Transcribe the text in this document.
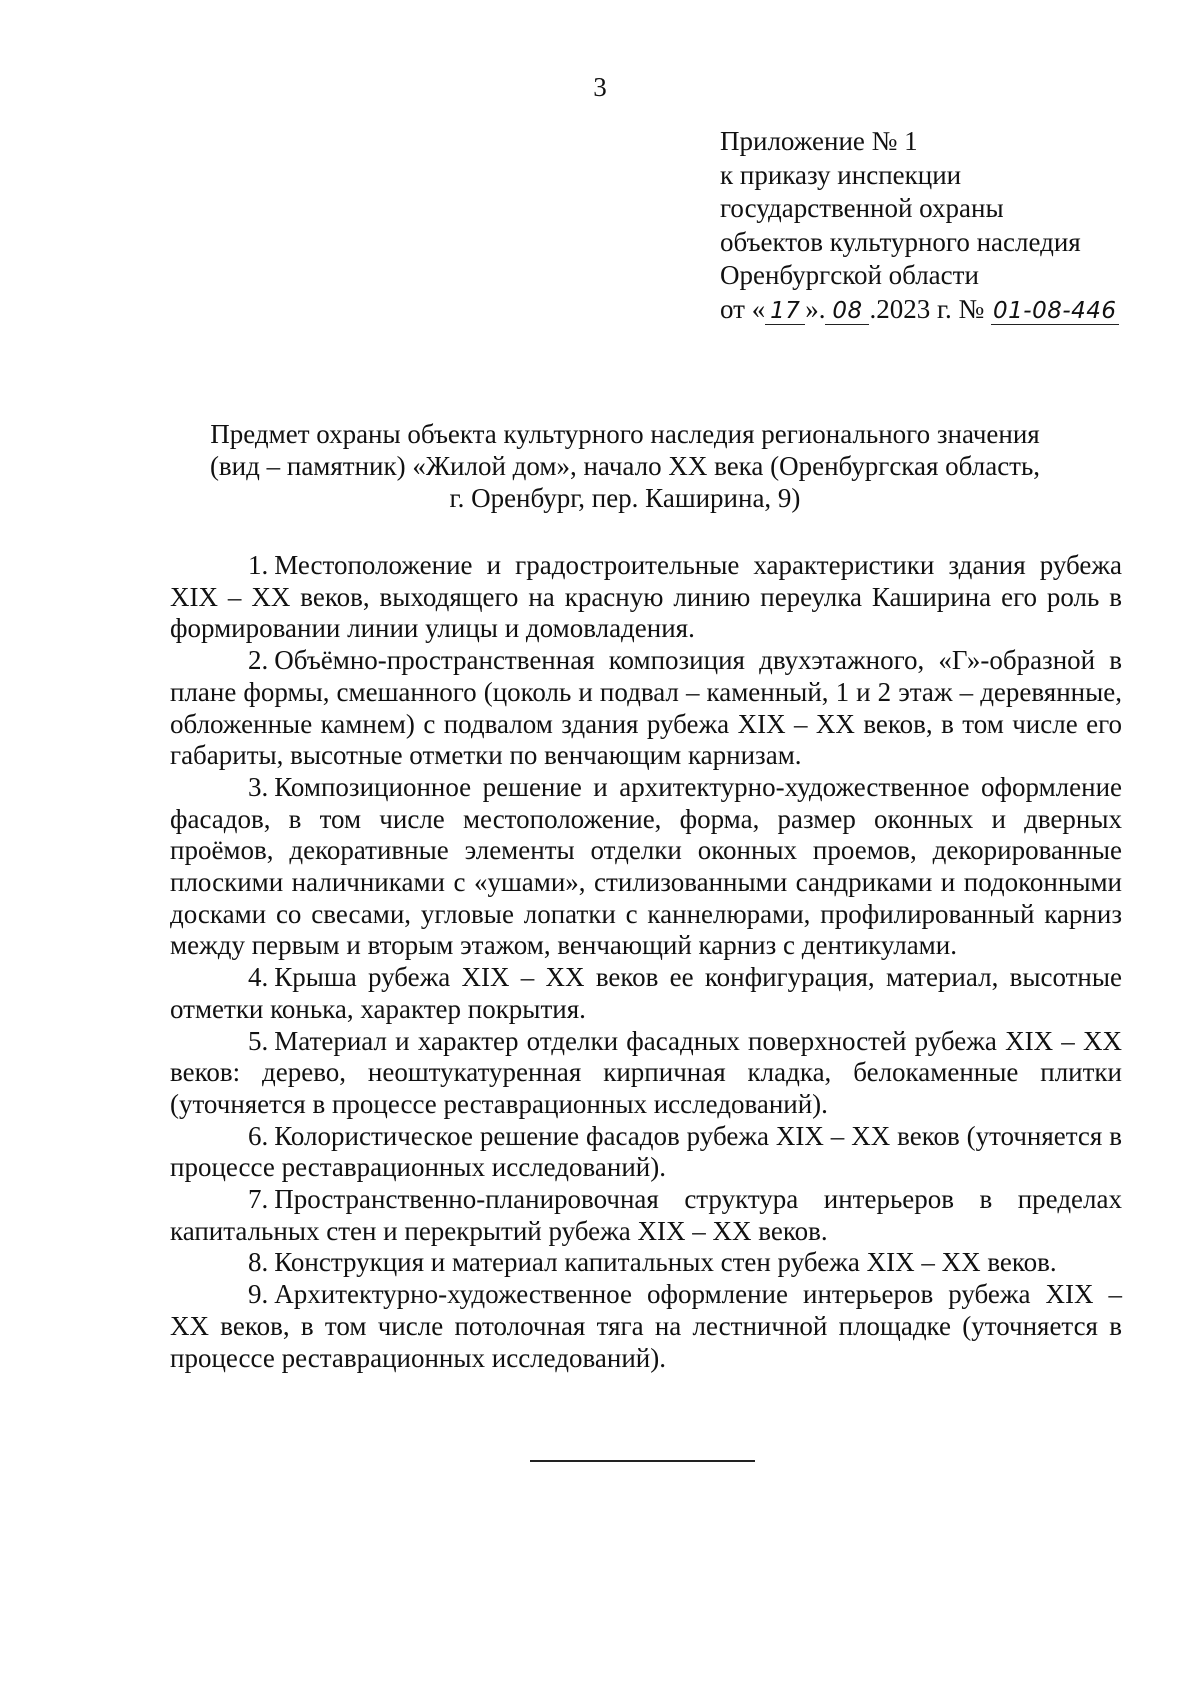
3
Приложение № 1
к приказу инспекции
государственной охраны
объектов культурного наследия
Оренбургской области
от « 17 ». 08 .2023 г. № 01-08-446
Предмет охраны объекта культурного наследия регионального значения
(вид – памятник) «Жилой дом», начало XX века (Оренбургская область,
г. Оренбург, пер. Каширина, 9)

1. Местоположение и градостроительные характеристики здания рубежа XIX – XX веков, выходящего на красную линию переулка Каширина его роль в формировании линии улицы и домовладения.

2. Объёмно-пространственная композиция двухэтажного, «Г»-образной в плане формы, смешанного (цоколь и подвал – каменный, 1 и 2 этаж – деревянные, обложенные камнем) с подвалом здания рубежа XIX – XX веков, в том числе его габариты, высотные отметки по венчающим карнизам.

3. Композиционное решение и архитектурно-художественное оформление фасадов, в том числе местоположение, форма, размер оконных и дверных проёмов, декоративные элементы отделки оконных проемов, декорированные плоскими наличниками с «ушами», стилизованными сандриками и подоконными досками со свесами, угловые лопатки с каннелюрами, профилированный карниз между первым и вторым этажом, венчающий карниз с дентикулами.

4. Крыша рубежа XIX – XX веков ее конфигурация, материал, высотные отметки конька, характер покрытия.

5. Материал и характер отделки фасадных поверхностей рубежа XIX – XX веков: дерево, неоштукатуренная кирпичная кладка, белокаменные плитки (уточняется в процессе реставрационных исследований).

6. Колористическое решение фасадов рубежа XIX – XX веков (уточняется в процессе реставрационных исследований).

7. Пространственно-планировочная структура интерьеров в пределах капитальных стен и перекрытий рубежа XIX – XX веков.

8. Конструкция и материал капитальных стен рубежа XIX – XX веков.

9. Архитектурно-художественное оформление интерьеров рубежа XIX – XX веков, в том числе потолочная тяга на лестничной площадке (уточняется в процессе реставрационных исследований).
